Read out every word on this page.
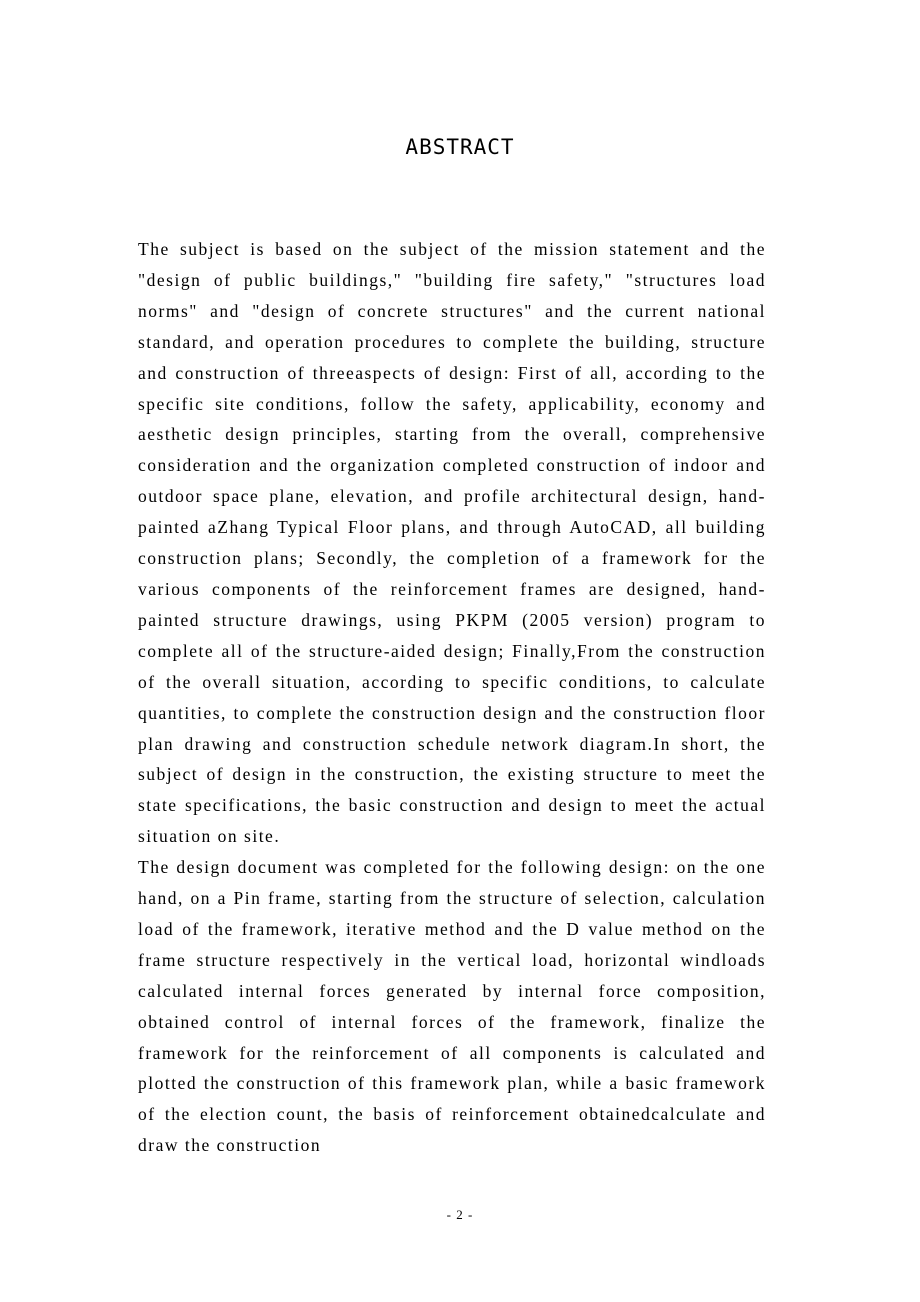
ABSTRACT

The subject is based on the subject of the mission statement and the "design of public buildings," "building fire safety," "structures load norms" and "design of concrete structures" and the current national standard, and operation procedures to complete the building, structure and construction of threeaspects of design: First of all, according to the specific site conditions, follow the safety, applicability, economy and aesthetic design principles, starting from the overall, comprehensive consideration and the organization completed construction of indoor and outdoor space plane, elevation, and profile architectural design, hand-painted aZhang Typical Floor plans, and through AutoCAD, all building construction plans; Secondly, the completion of a framework for the various components of the reinforcement frames are designed, hand-painted structure drawings, using PKPM (2005 version) program to complete all of the structure-aided design; Finally,From the construction of the overall situation, according to specific conditions, to calculate quantities, to complete the construction design and the construction floor plan drawing and construction schedule network diagram.In short, the subject of design in the construction, the existing structure to meet the state specifications, the basic construction and design to meet the actual situation on site.

The design document was completed for the following design: on the one hand, on a Pin frame, starting from the structure of selection, calculation load of the framework, iterative method and the D value method on the frame structure respectively in the vertical load, horizontal windloads calculated internal forces generated by internal force composition, obtained control of internal forces of the framework, finalize the framework for the reinforcement of all components is calculated and plotted the construction of this framework plan, while a basic framework of the election count, the basis of reinforcement obtainedcalculate and draw the construction

- 2 -
